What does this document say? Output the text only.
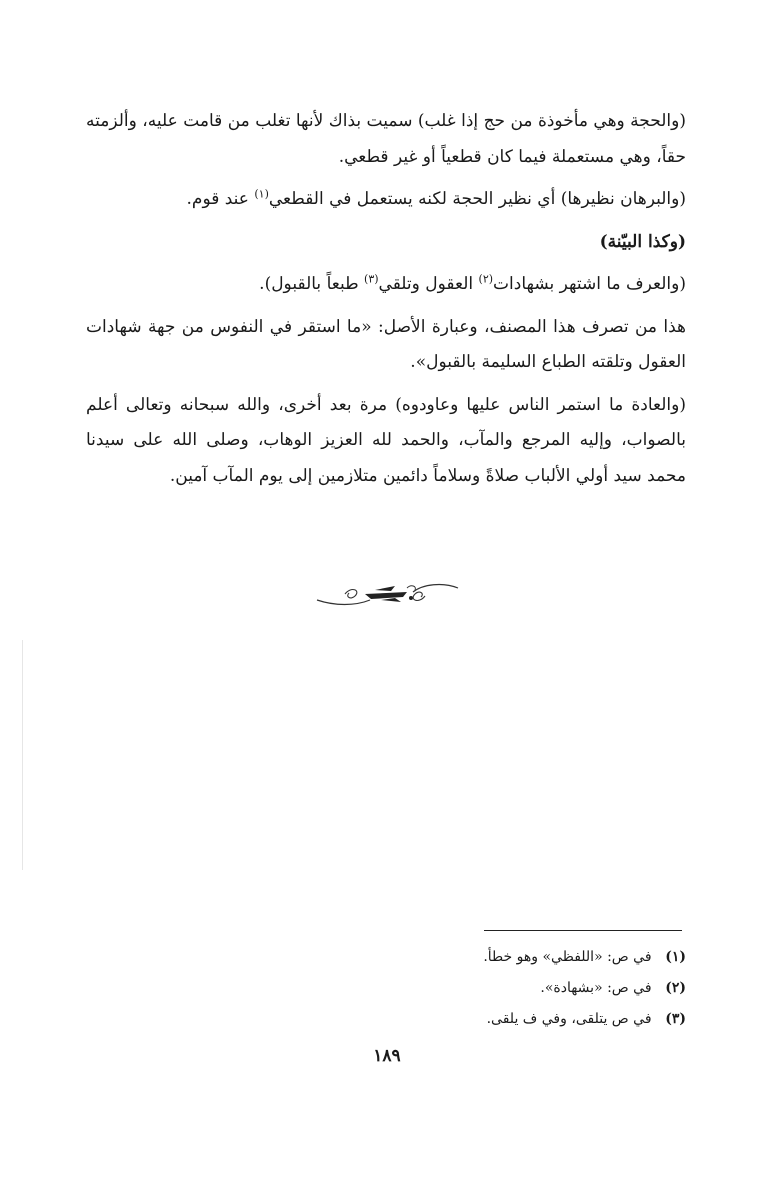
(والحجة وهي مأخوذة من حج إذا غلب) سميت بذاك لأنها تغلب من قامت عليه، وألزمته حقاً، وهي مستعملة فيما كان قطعياً أو غير قطعي.

(والبرهان نظيرها) أي نظير الحجة لكنه يستعمل في القطعي$^{(١)}$ عند قوم.

(وكذا البيّنة)

(والعرف ما اشتهر بشهادات$^{(٢)}$ العقول وتلقي$^{(٣)}$ طبعاً بالقبول).

هذا من تصرف هذا المصنف، وعبارة الأصل: «ما استقر في النفوس من جهة شهادات العقول وتلقته الطباع السليمة بالقبول».

(والعادة ما استمر الناس عليها وعاودوه) مرة بعد أخرى، والله سبحانه وتعالى أعلم بالصواب، وإليه المرجع والمآب، والحمد لله العزيز الوهاب، وصلى الله على سيدنا محمد سيد أولي الألباب صلاةً وسلاماً دائمين متلازمين إلى يوم المآب آمين.

(١) في ص: «اللفظي» وهو خطأ.
(٢) في ص: «بشهادة».
(٣) في ص يتلقى، وفي ف يلقى.
١٨٩
